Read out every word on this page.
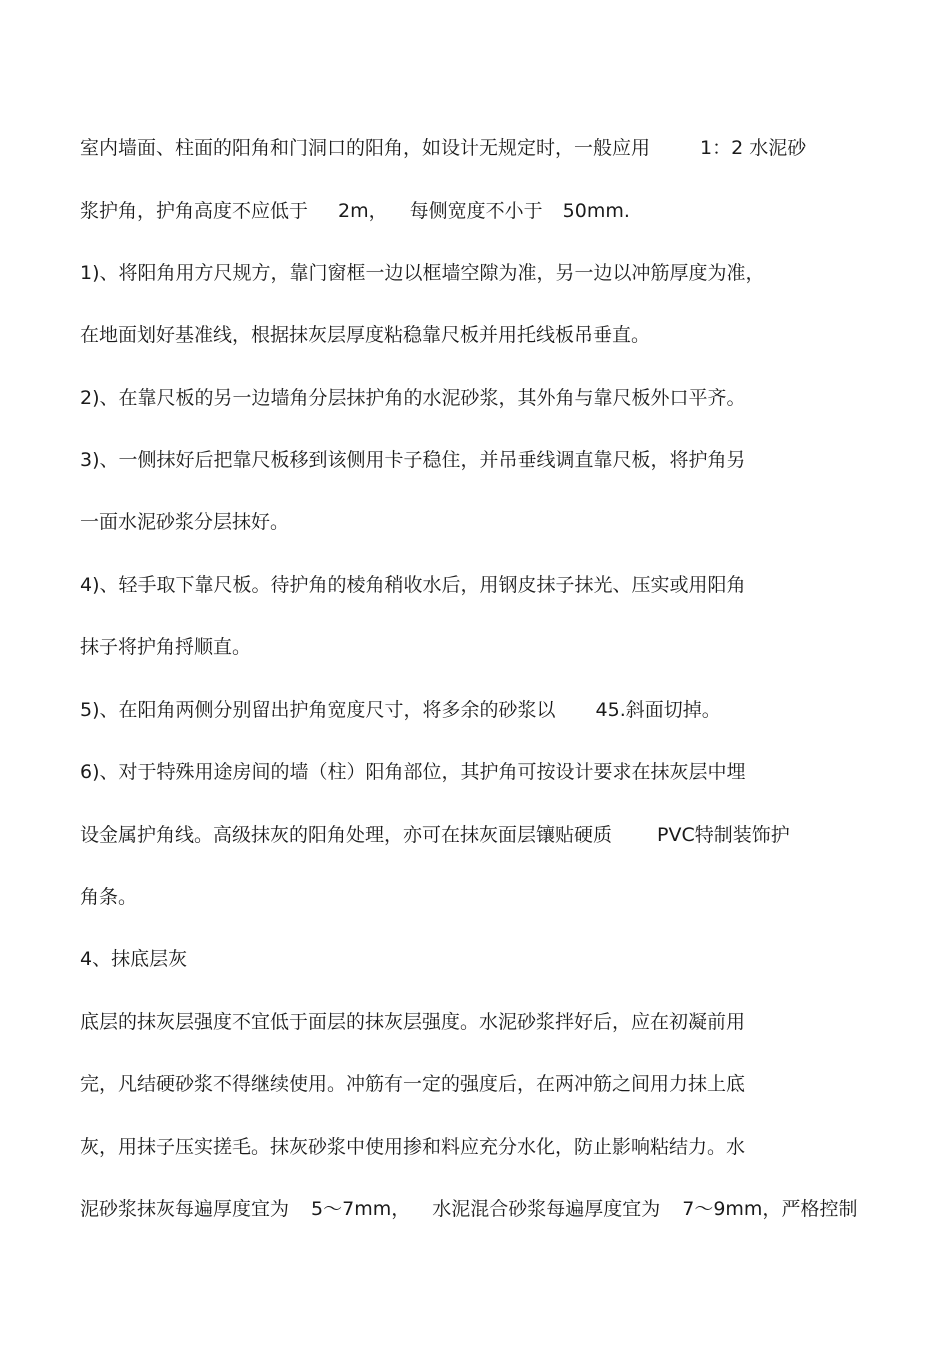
室内墙面、柱面的阳角和门洞口的阳角，如设计无规定时，一般应用	1：2 水泥砂
浆护角，护角高度不应低于 2m， 每侧宽度不小于 50mm.
1)、将阳角用方尺规方，靠门窗框一边以框墙空隙为准，另一边以冲筋厚度为准，
在地面划好基准线，根据抹灰层厚度粘稳靠尺板并用托线板吊垂直。
2)、在靠尺板的另一边墙角分层抹护角的水泥砂浆，其外角与靠尺板外口平齐。
3)、一侧抹好后把靠尺板移到该侧用卡子稳住，并吊垂线调直靠尺板，将护角另
一面水泥砂浆分层抹好。
4)、轻手取下靠尺板。待护角的棱角稍收水后，用钢皮抹子抹光、压实或用阳角
抹子将护角捋顺直。
5)、在阳角两侧分别留出护角宽度尺寸，将多余的砂浆以 45.斜面切掉。
6)、对于特殊用途房间的墙（柱）阳角部位，其护角可按设计要求在抹灰层中埋
设金属护角线。高级抹灰的阳角处理，亦可在抹灰面层镶贴硬质 PVC特制装饰护
角条。
4、抹底层灰
底层的抹灰层强度不宜低于面层的抹灰层强度。水泥砂浆拌好后，应在初凝前用
完，凡结硬砂浆不得继续使用。冲筋有一定的强度后，在两冲筋之间用力抹上底
灰，用抹子压实搓毛。抹灰砂浆中使用掺和料应充分水化，防止影响粘结力。水
泥砂浆抹灰每遍厚度宜为 5～7mm， 水泥混合砂浆每遍厚度宜为 7～9mm，严格控制
